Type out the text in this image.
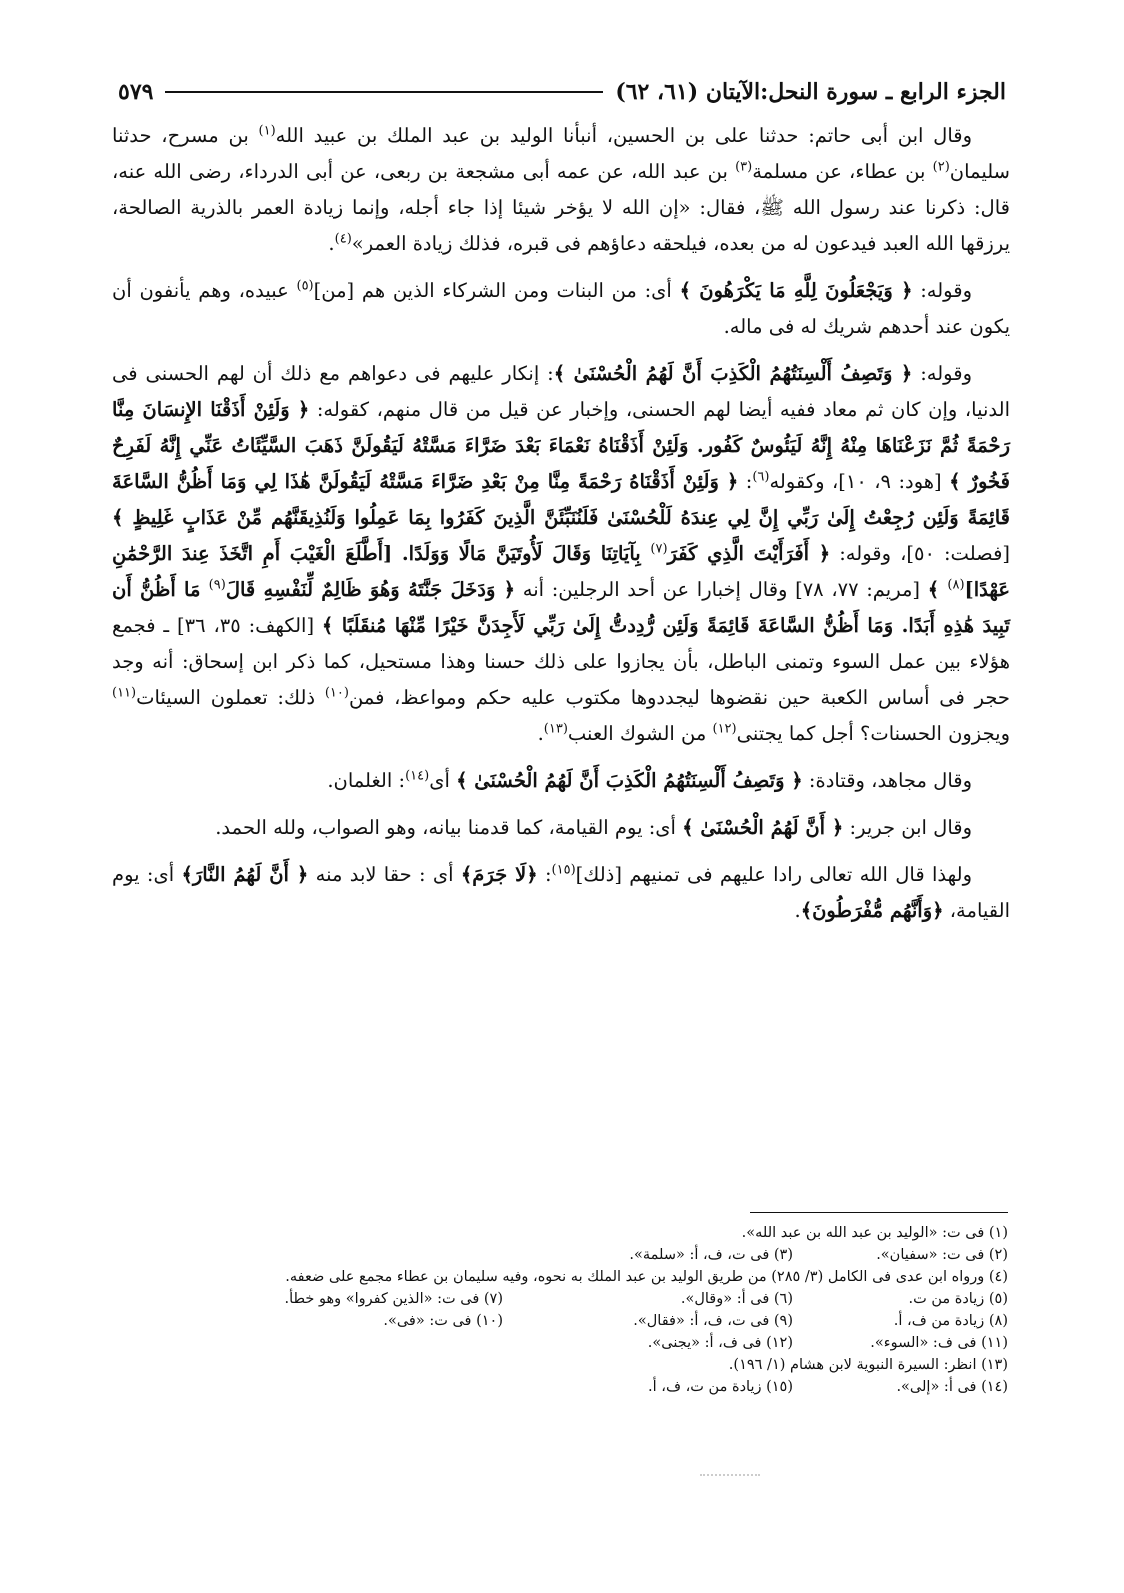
الجزء الرابع ـ سورة النحل:الآيتان (٦١، ٦٢)
٥٧٩

وقال ابن أبى حاتم: حدثنا على بن الحسين، أنبأنا الوليد بن عبد الملك بن عبيد الله$^{(١)}$ بن مسرح، حدثنا سليمان$^{(٢)}$ بن عطاء، عن مسلمة$^{(٣)}$ بن عبد الله، عن عمه أبى مشجعة بن ربعى، عن أبى الدرداء، رضى الله عنه، قال: ذكرنا عند رسول الله ﷺ، فقال: «إن الله لا يؤخر شيئا إذا جاء أجله، وإنما زيادة العمر بالذرية الصالحة، يرزقها الله العبد فيدعون له من بعده، فيلحقه دعاؤهم فى قبره، فذلك زيادة العمر»$^{(٤)}$.

وقوله: ﴿ وَيَجْعَلُونَ لِلَّهِ مَا يَكْرَهُونَ ﴾ أى: من البنات ومن الشركاء الذين هم [من]$^{(٥)}$ عبيده، وهم يأنفون أن يكون عند أحدهم شريك له فى ماله.

وقوله: ﴿ وَتَصِفُ أَلْسِنَتُهُمُ الْكَذِبَ أَنَّ لَهُمُ الْحُسْنَىٰ ﴾: إنكار عليهم فى دعواهم مع ذلك أن لهم الحسنى فى الدنيا، وإن كان ثم معاد ففيه أيضا لهم الحسنى، وإخبار عن قيل من قال منهم، كقوله: ﴿ وَلَئِنْ أَذَقْنَا الإِنسَانَ مِنَّا رَحْمَةً ثُمَّ نَزَعْنَاهَا مِنْهُ إِنَّهُ لَيَئُوسٌ كَفُور. وَلَئِنْ أَذَقْنَاهُ نَعْمَاءَ بَعْدَ ضَرَّاءَ مَسَّتْهُ لَيَقُولَنَّ ذَهَبَ السَّيِّئَاتُ عَنِّي إِنَّهُ لَفَرِحٌ فَخُورٌ ﴾ [هود: ٩، ١٠]، وكقوله$^{(٦)}$: ﴿ وَلَئِنْ أَذَقْنَاهُ رَحْمَةً مِنَّا مِنْ بَعْدِ ضَرَّاءَ مَسَّتْهُ لَيَقُولَنَّ هَٰذَا لِي وَمَا أَظُنُّ السَّاعَةَ قَائِمَةً وَلَئِن رُجِعْتُ إِلَىٰ رَبِّي إِنَّ لِي عِندَهُ لَلْحُسْنَىٰ فَلَنُنَبِّئَنَّ الَّذِينَ كَفَرُوا بِمَا عَمِلُوا وَلَنُذِيقَنَّهُم مِّنْ عَذَابٍ غَلِيظٍ ﴾ [فصلت: ٥٠]، وقوله: ﴿ أَفَرَأَيْتَ الَّذِي كَفَرَ$^{(٧)}$ بِآيَاتِنَا وَقَالَ لَأُوتَيَنَّ مَالًا وَوَلَدًا. [أَطَّلَعَ الْغَيْبَ أَمِ اتَّخَذَ عِندَ الرَّحْمَٰنِ عَهْدًا]$^{(٨)}$ ﴾ [مريم: ٧٧، ٧٨] وقال إخبارا عن أحد الرجلين: أنه ﴿ وَدَخَلَ جَنَّتَهُ وَهُوَ ظَالِمٌ لِّنَفْسِهِ قَالَ$^{(٩)}$ مَا أَظُنُّ أَن تَبِيدَ هَٰذِهِ أَبَدًا. وَمَا أَظُنُّ السَّاعَةَ قَائِمَةً وَلَئِن رُّدِدتُّ إِلَىٰ رَبِّي لَأَجِدَنَّ خَيْرًا مِّنْهَا مُنقَلَبًا ﴾ [الكهف: ٣٥، ٣٦] ـ فجمع هؤلاء بين عمل السوء وتمنى الباطل، بأن يجازوا على ذلك حسنا وهذا مستحيل، كما ذكر ابن إسحاق: أنه وجد حجر فى أساس الكعبة حين نقضوها ليجددوها مكتوب عليه حكم ومواعظ، فمن$^{(١٠)}$ ذلك: تعملون السيئات$^{(١١)}$ ويجزون الحسنات؟ أجل كما يجتنى$^{(١٢)}$ من الشوك العنب$^{(١٣)}$.

وقال مجاهد، وقتادة: ﴿ وَتَصِفُ أَلْسِنَتُهُمُ الْكَذِبَ أَنَّ لَهُمُ الْحُسْنَىٰ ﴾ أى$^{(١٤)}$: الغلمان.

وقال ابن جرير: ﴿ أَنَّ لَهُمُ الْحُسْنَىٰ ﴾ أى: يوم القيامة، كما قدمنا بيانه، وهو الصواب، ولله الحمد.

ولهذا قال الله تعالى رادا عليهم فى تمنيهم [ذلك]$^{(١٥)}$: ﴿لَا جَرَمَ﴾ أى : حقا لابد منه ﴿ أَنَّ لَهُمُ النَّارَ﴾ أى: يوم القيامة، ﴿وَأَنَّهُم مُّفْرَطُونَ﴾.

(١) فى ت: «الوليد بن عبد الله بن عبد الله».
(٢) فى ت: «سفيان».
(٣) فى ت، ف، أ: «سلمة».
(٤) ورواه ابن عدى فى الكامل (٣/ ٢٨٥) من طريق الوليد بن عبد الملك به نحوه، وفيه سليمان بن عطاء مجمع على ضعفه.
(٥) زيادة من ت.
(٦) فى أ: «وقال».
(٧) فى ت: «الذين كفروا» وهو خطأ.
(٨) زيادة من ف، أ.
(٩) فى ت، ف، أ: «فقال».
(١٠) فى ت: «فى».
(١١) فى ف: «السوء».
(١٢) فى ف، أ: «يجنى».
(١٣) انظر: السيرة النبوية لابن هشام (١/ ١٩٦).
(١٤) فى أ: «إلى».
(١٥) زيادة من ت، ف، أ.
